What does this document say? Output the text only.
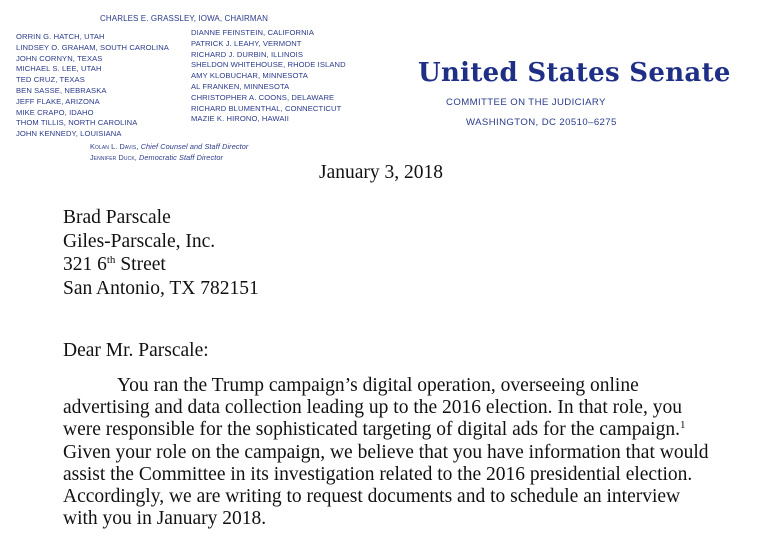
CHARLES E. GRASSLEY, IOWA, CHAIRMAN
ORRIN G. HATCH, UTAH
LINDSEY O. GRAHAM, SOUTH CAROLINA
JOHN CORNYN, TEXAS
MICHAEL S. LEE, UTAH
TED CRUZ, TEXAS
BEN SASSE, NEBRASKA
JEFF FLAKE, ARIZONA
MIKE CRAPO, IDAHO
THOM TILLIS, NORTH CAROLINA
JOHN KENNEDY, LOUISIANA
DIANNE FEINSTEIN, CALIFORNIA
PATRICK J. LEAHY, VERMONT
RICHARD J. DURBIN, ILLINOIS
SHELDON WHITEHOUSE, RHODE ISLAND
AMY KLOBUCHAR, MINNESOTA
AL FRANKEN, MINNESOTA
CHRISTOPHER A. COONS, DELAWARE
RICHARD BLUMENTHAL, CONNECTICUT
MAZIE K. HIRONO, HAWAII
Kolan L. Davis, Chief Counsel and Staff Director
Jennifer Duck, Democratic Staff Director
United States Senate
COMMITTEE ON THE JUDICIARY
WASHINGTON, DC 20510–6275
January 3, 2018
Brad Parscale
Giles-Parscale, Inc.
321 6th Street
San Antonio, TX 782151
Dear Mr. Parscale:
You ran the Trump campaign’s digital operation, overseeing online
advertising and data collection leading up to the 2016 election. In that role, you
were responsible for the sophisticated targeting of digital ads for the campaign.$^1$
Given your role on the campaign, we believe that you have information that would
assist the Committee in its investigation related to the 2016 presidential election.
Accordingly, we are writing to request documents and to schedule an interview
with you in January 2018.
